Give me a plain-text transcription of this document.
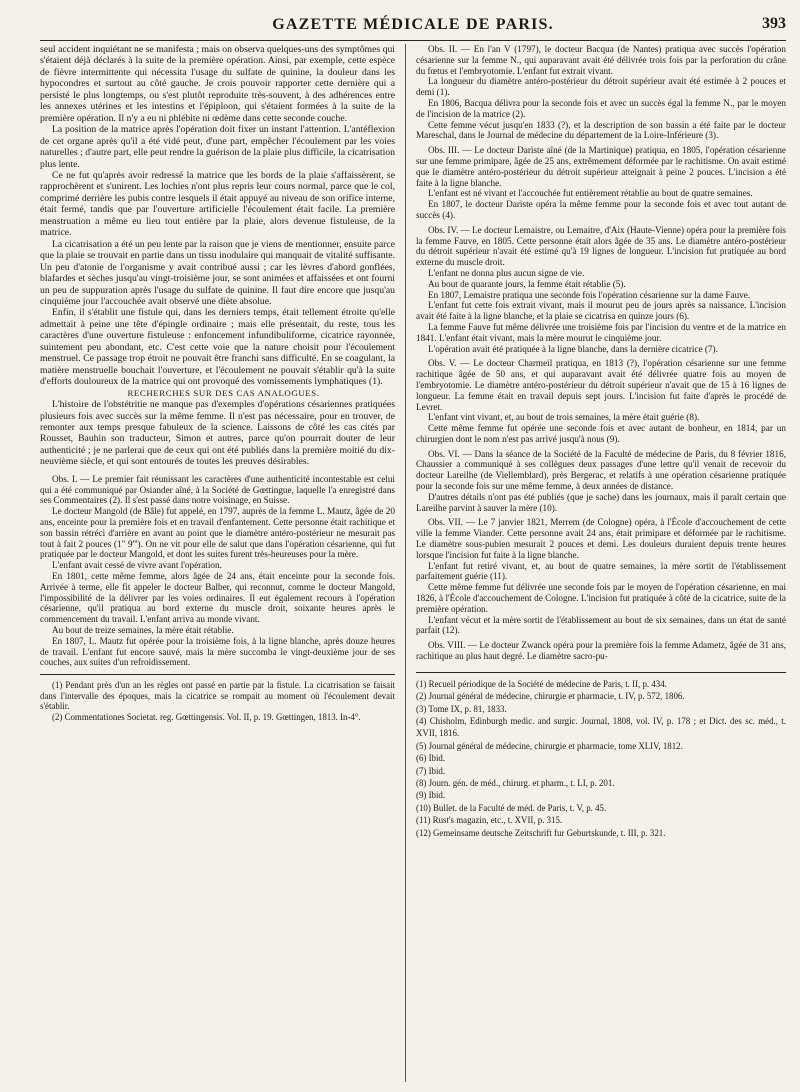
GAZETTE MÉDICALE DE PARIS.	393

seul accident inquiétant ne se manifesta ; mais on observa quelques-uns des symptômes qui s'étaient déjà déclarés à la suite de la première opération. Ainsi, par exemple, cette espèce de fièvre intermittente qui nécessita l'usage du sulfate de quinine, la douleur dans les hypocondres et surtout au côté gauche. Je crois pouvoir rapporter cette dernière qui a persisté le plus longtemps, ou s'est plutôt reproduite très-souvent, à des adhérences entre les annexes utérines et les intestins et l'épiploon, qui s'étaient formées à la suite de la première opération. Il n'y a eu ni phlébite ni œdème dans cette seconde couche.

La position de la matrice après l'opération doit fixer un instant l'attention. L'antéflexion de cet organe après qu'il a été vidé peut, d'une part, empêcher l'écoulement par les voies naturelles ; d'autre part, elle peut rendre la guérison de la plaie plus difficile, la cicatrisation plus lente.

Ce ne fut qu'après avoir redressé la matrice que les bords de la plaie s'affaissèrent, se rapprochèrent et s'unirent. Les lochies n'ont plus repris leur cours normal, parce que le col, comprimé derrière les pubis contre lesquels il était appuyé au niveau de son orifice interne, était fermé, tandis que par l'ouverture artificielle l'écoulement était facile. La première menstruation a même eu lieu tout entière par la plaie, alors devenue fistuleuse, de la matrice.

La cicatrisation a été un peu lente par la raison que je viens de mentionner, ensuite parce que la plaie se trouvait en partie dans un tissu inodulaire qui manquait de vitalité suffisante. Un peu d'atonie de l'organisme y avait contribué aussi ; car les lèvres d'abord gonflées, blafardes et sèches jusqu'au vingt-troisième jour, se sont animées et affaissées et ont fourni un peu de suppuration après l'usage du sulfate de quinine. Il faut dire encore que jusqu'au cinquième jour l'accouchée avait observé une diète absolue.

Enfin, il s'établit une fistule qui, dans les derniers temps, était tellement étroite qu'elle admettait à peine une tête d'épingle ordinaire ; mais elle présentait, du reste, tous les caractères d'une ouverture fistuleuse : enfoncement infundibuliforme, cicatrice rayonnée, suintement peu abondant, etc. C'est cette voie que la nature choisit pour l'écoulement menstruel. Ce passage trop étroit ne pouvait être franchi sans difficulté. En se coagulant, la matière menstruelle bouchait l'ouverture, et l'écoulement ne pouvait s'établir qu'à la suite d'efforts douloureux de la matrice qui ont provoqué des vomissements lymphatiques (1).

RECHERCHES SUR DES CAS ANALOGUES.

L'histoire de l'obstétritie ne manque pas d'exemples d'opérations césariennes pratiquées plusieurs fois avec succès sur la même femme. Il n'est pas nécessaire, pour en trouver, de remonter aux temps presque fabuleux de la science. Laissons de côté les cas cités par Rousset, Bauhin son traducteur, Simon et autres, parce qu'on pourrait douter de leur authenticité ; je ne parlerai que de ceux qui ont été publiés dans la première moitié du dix-neuvième siècle, et qui sont entourés de toutes les preuves désirables.

Obs. I. — Le premier fait réunissant les caractères d'une authenticité incontestable est celui qui a été communiqué par Osiander aîné, à la Société de Gœttingue, laquelle l'a enregistré dans ses Commentaires (2). Il s'est passé dans notre voisinage, en Suisse.

Le docteur Mangold (de Bâle) fut appelé, en 1797, auprès de la femme L. Mautz, âgée de 20 ans, enceinte pour la première fois et en travail d'enfantement. Cette personne était rachitique et son bassin rétréci d'arrière en avant au point que le diamètre antéro-postérieur ne mesurait pas tout à fait 2 pouces (1" 9'''). On ne vit pour elle de salut que dans l'opération césarienne, qui fut pratiquée par le docteur Mangold, et dont les suites furent très-heureuses pour la mère.

L'enfant avait cessé de vivre avant l'opération.

En 1801, cette même femme, alors âgée de 24 ans, était enceinte pour la seconde fois. Arrivée à terme, elle fit appeler le docteur Balber, qui reconnut, comme le docteur Mangold, l'impossibilité de la délivrer par les voies ordinaires. Il eut également recours à l'opération césarienne, qu'il pratiqua au bord externe du muscle droit, soixante heures après le commencement du travail. L'enfant arriva au monde vivant.

Au bout de treize semaines, la mère était rétablie.

En 1807, L. Mautz fut opérée pour la troisième fois, à la ligne blanche, après douze heures de travail. L'enfant fut encore sauvé, mais la mère succomba le vingt-deuxième jour de ses couches, aux suites d'un refroidissement.

(1) Pendant près d'un an les règles ont passé en partie par la fistule. La cicatrisation se faisait dans l'intervalle des époques, mais la cicatrice se rompait au moment où l'écoulement devait s'établir.

(2) Commentationes Societat. reg. Gœttingensis. Vol. II, p. 19. Gœttingen, 1813. In-4°.

Obs. II. — En l'an V (1797), le docteur Bacqua (de Nantes) pratiqua avec succès l'opération césarienne sur la femme N., qui auparavant avait été délivrée trois fois par la perforation du crâne du fœtus et l'embryotomie. L'enfant fut extrait vivant.

La longueur du diamètre antéro-postérieur du détroit supérieur avait été estimée à 2 pouces et demi (1).

En 1806, Bacqua délivra pour la seconde fois et avec un succès égal la femme N., par le moyen de l'incision de la matrice (2).

Cette femme vécut jusqu'en 1833 (?), et la description de son bassin a été faite par le docteur Mareschal, dans le Journal de médecine du département de la Loire-Inférieure (3).

Obs. III. — Le docteur Dariste aîné (de la Martinique) pratiqua, en 1805, l'opération césarienne sur une femme primipare, âgée de 25 ans, extrêmement déformée par le rachitisme. On avait estimé que le diamètre antéro-postérieur du détroit supérieur atteignait à peine 2 pouces. L'incision a été faite à la ligne blanche.

L'enfant est né vivant et l'accouchée fut entièrement rétablie au bout de quatre semaines.

En 1807, le docteur Dariste opéra la même femme pour la seconde fois et avec tout autant de succès (4).

Obs. IV. — Le docteur Lemaistre, ou Lemaitre, d'Aix (Haute-Vienne) opéra pour la première fois la femme Fauve, en 1805. Cette personne était alors âgée de 35 ans. Le diamètre antéro-postérieur du détroit supérieur n'avait été estimé qu'à 19 lignes de longueur. L'incision fut pratiquée au bord externe du muscle droit.

L'enfant ne donna plus aucun signe de vie.

Au bout de quarante jours, la femme était rétablie (5).

En 1807, Lemaistre pratiqua une seconde fois l'opération césarienne sur la dame Fauve.

L'enfant fut cette fois extrait vivant, mais il mourut peu de jours après sa naissance. L'incision avait été faite à la ligne blanche, et la plaie se cicatrisa en quinze jours (6).

La femme Fauve fut même délivrée une troisième fois par l'incision du ventre et de la matrice en 1841. L'enfant était vivant, mais la mère mourut le cinquième jour.

L'opération avait été pratiquée à la ligne blanche, dans la dernière cicatrice (7).

Obs. V. — Le docteur Charmeil pratiqua, en 1813 (?), l'opération césarienne sur une femme rachitique âgée de 50 ans, et qui auparavant avait été délivrée quatre fois au moyen de l'embryotomie. Le diamètre antéro-postérieur du détroit supérieur n'avait que de 15 à 16 lignes de longueur. La femme était en travail depuis sept jours. L'incision fut faite d'après le procédé de Levret.

L'enfant vint vivant, et, au bout de trois semaines, la mère était guérie (8).

Cette même femme fut opérée une seconde fois et avec autant de bonheur, en 1814, par un chirurgien dont le nom n'est pas arrivé jusqu'à nous (9).

Obs. VI. — Dans la séance de la Société de la Faculté de médecine de Paris, du 8 février 1816, Chaussier a communiqué à ses collègues deux passages d'une lettre qu'il venait de recevoir du docteur Lareilhe (de Viellemblard), près Bergerac, et relatifs à une opération césarienne pratiquée pour la seconde fois sur une même femme, à deux années de distance.

D'autres détails n'ont pas été publiés (que je sache) dans les journaux, mais il paraît certain que Lareilhe parvint à sauver la mère (10).

Obs. VII. — Le 7 janvier 1821, Merrem (de Cologne) opéra, à l'École d'accouchement de cette ville la femme Viander. Cette personne avait 24 ans, était primipare et déformée par le rachitisme. Le diamètre sous-pubien mesurait 2 pouces et demi. Les douleurs duraient depuis trente heures lorsque l'incision fut faite à la ligne blanche.

L'enfant fut retiré vivant, et, au bout de quatre semaines, la mère sortit de l'établissement parfaitement guérie (11).

Cette même femme fut délivrée une seconde fois par le moyen de l'opération césarienne, en mai 1826, à l'École d'accouchement de Cologne. L'incision fut pratiquée à côté de la cicatrice, suite de la première opération.

L'enfant vécut et la mère sortit de l'établissement au bout de six semaines, dans un état de santé parfait (12).

Obs. VIII. — Le docteur Zwanck opéra pour la première fois la femme Adametz, âgée de 31 ans, rachitique au plus haut degré. Le diamètre sacro-pu-

(1) Recueil périodique de la Société de médecine de Paris, t. II, p. 434.

(2) Journal général de médecine, chirurgie et pharmacie, t. IV, p. 572, 1806.

(3) Tome IX, p. 81, 1833.

(4) Chisholm, Edinburgh medic. and surgic. Journal, 1808, vol. IV, p. 178 ; et Dict. des sc. méd., t. XVII, 1816.

(5) Journal général de médecine, chirurgie et pharmacie, tome XLIV, 1812.

(6) Ibid.

(7) Ibid.

(8) Journ. gén. de méd., chirurg. et pharm., t. LI, p. 201.

(9) Ibid.

(10) Bullet. de la Faculté de méd. de Paris, t. V, p. 45.

(11) Rust's magazin, etc., t. XVII, p. 315.

(12) Gemeinsame deutsche Zeitschrift fur Geburtskunde, t. III, p. 321.
